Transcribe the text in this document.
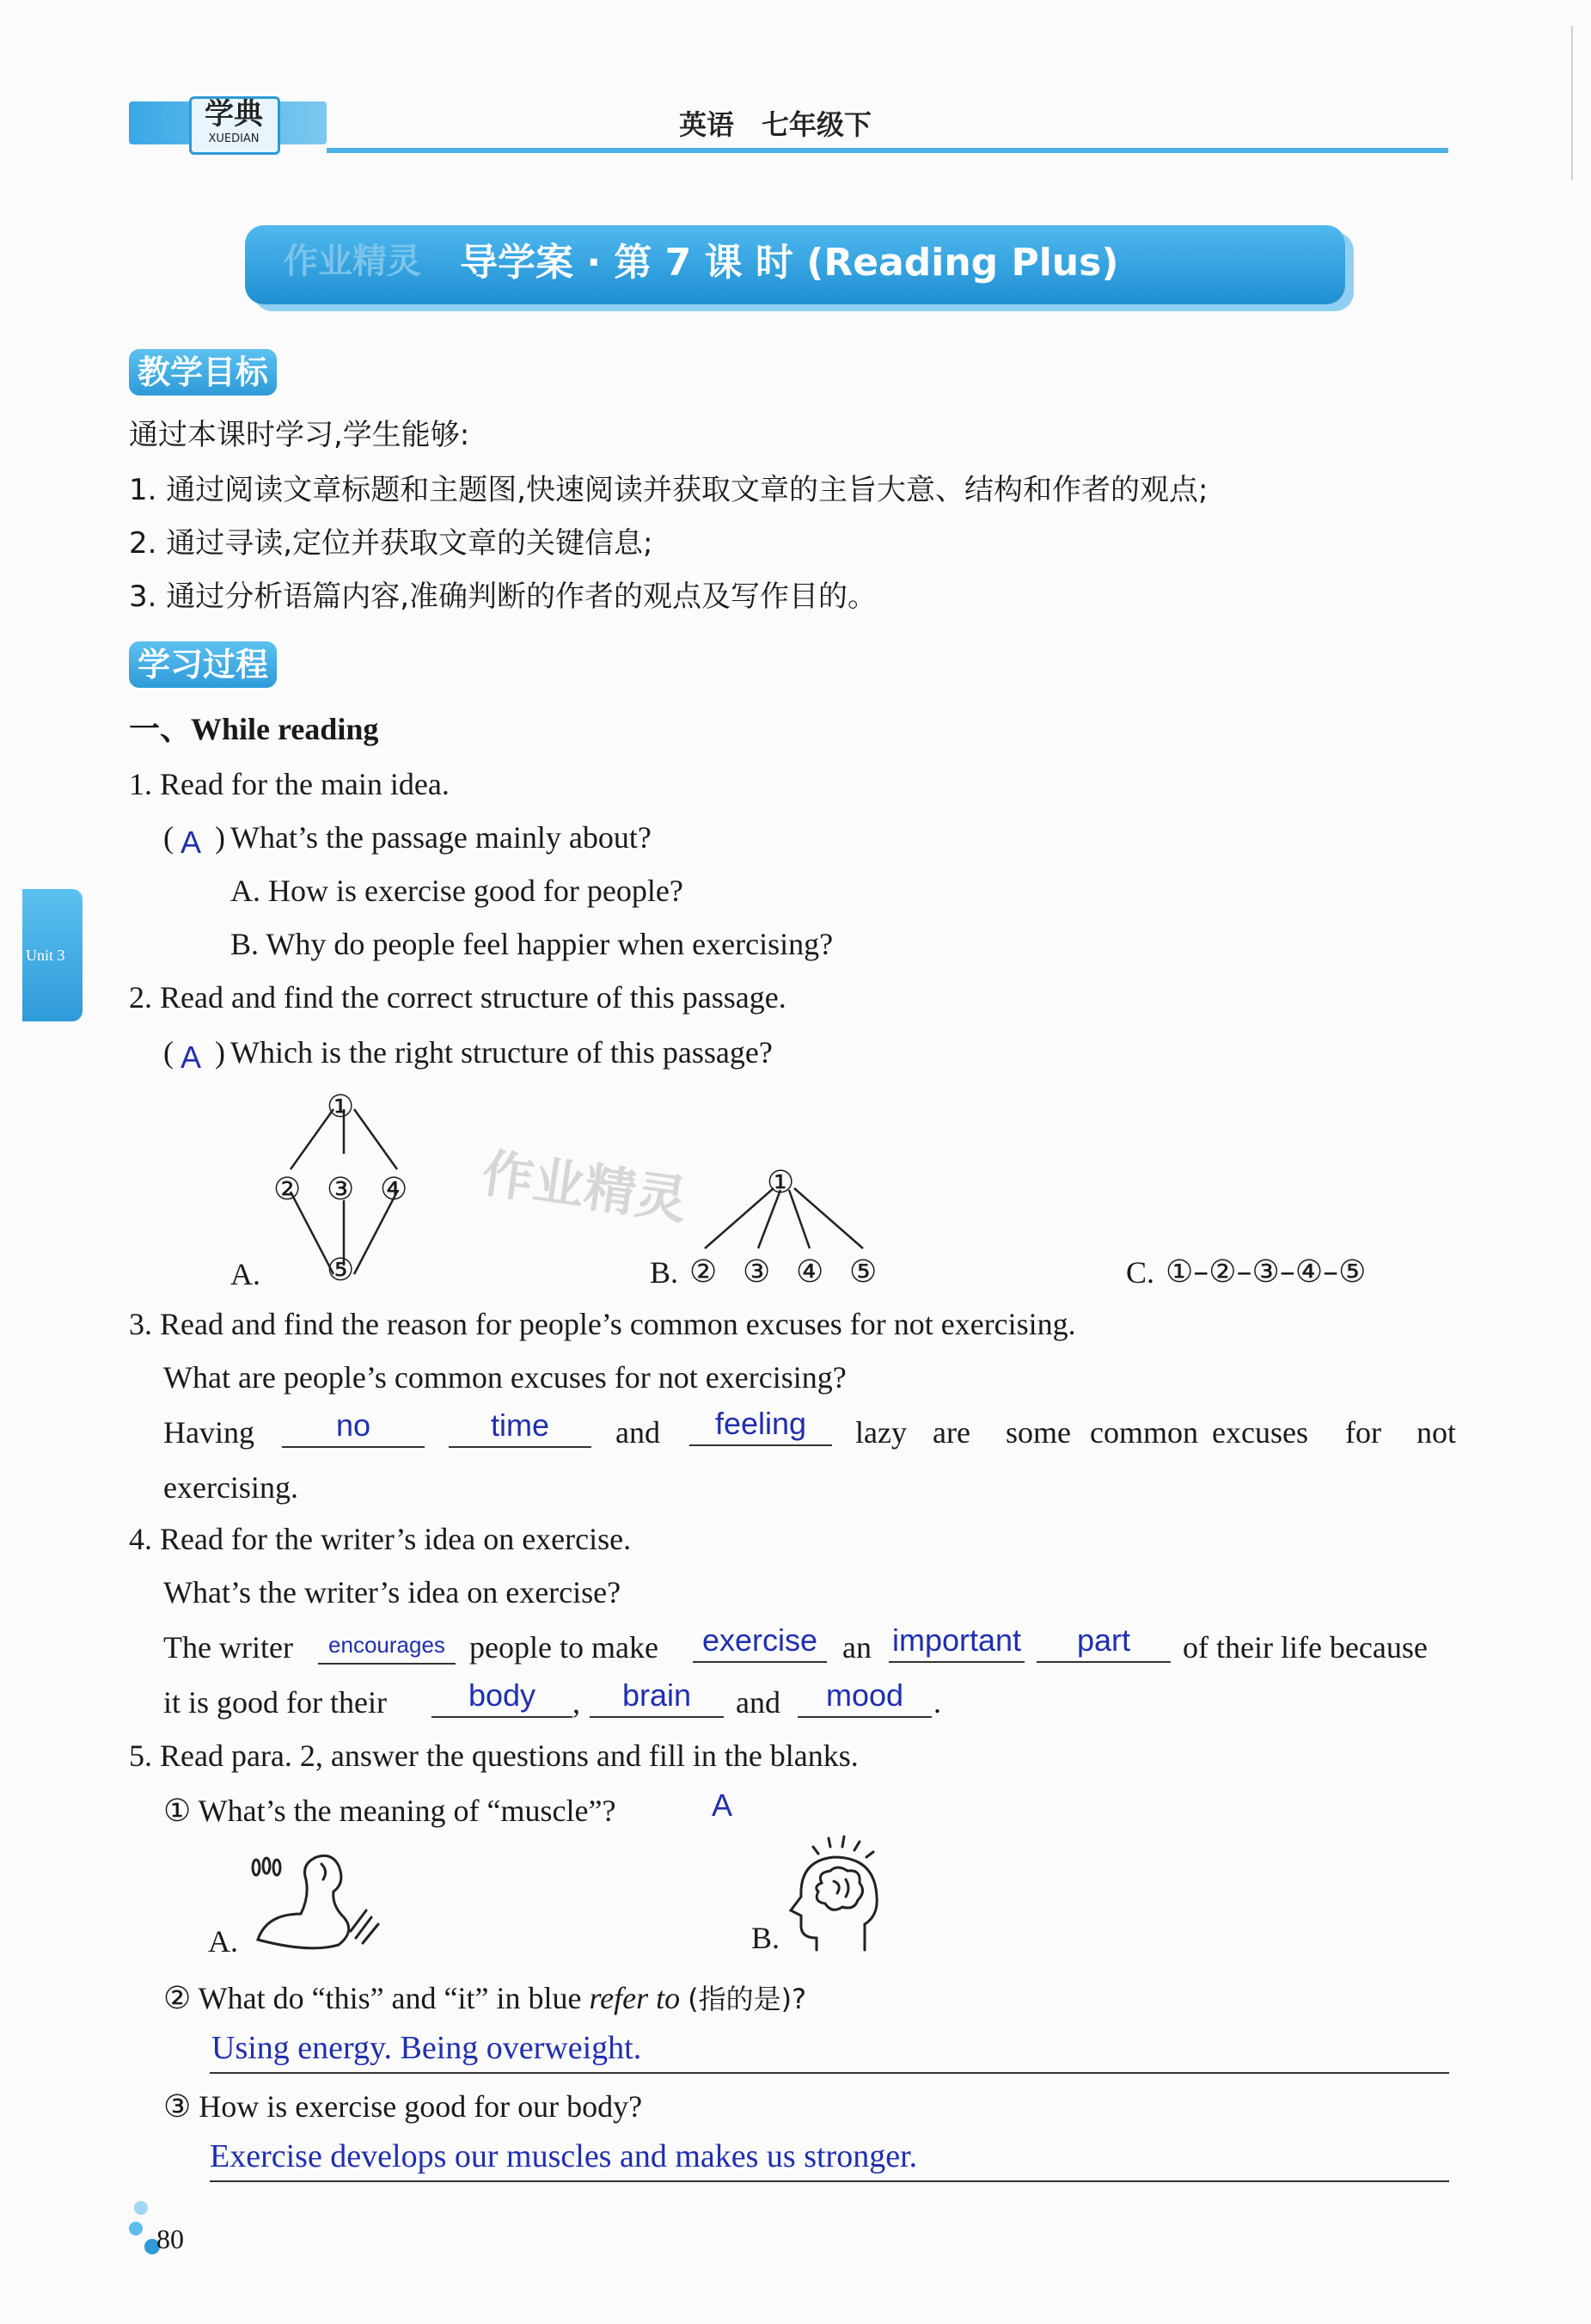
学典
XUEDIAN	英语　七年级下
作业精灵 导学案 · 第 7 课 时 (Reading Plus)
教学目标
通过本课时学习,学生能够:
1. 通过阅读文章标题和主题图,快速阅读并获取文章的主旨大意、结构和作者的观点;
2. 通过寻读,定位并获取文章的关键信息;
3. 通过分析语篇内容,准确判断的作者的观点及写作目的。
学习过程
一、While reading
Unit 3
1. Read for the main idea.
( A ) What’s the passage mainly about?
A. How is exercise good for people?
B. Why do people feel happier when exercising?
2. Read and find the correct structure of this passage.
( A ) Which is the right structure of this passage?
①
② ③ ④
⑤
A.
作业精灵 ①
B. ② ③ ④ ⑤	C. ①–②–③–④–⑤
3. Read and find the reason for people’s common excuses for not exercising.
What are people’s common excuses for not exercising?
Having	no	time	and	feeling	lazy are some common excuses for not
exercising.
4. Read for the writer’s idea on exercise.
What’s the writer’s idea on exercise?
The writer	encourages people to make	exercise an important	part	of their life because
it is good for their	body	,	brain	and	mood .
5. Read para. 2, answer the questions and fill in the blanks.
① What’s the meaning of “muscle”?	A
A.	B.
② What do “this” and “it” in blue refer to (指的是)?
Using energy. Being overweight.
③ How is exercise good for our body?
Exercise develops our muscles and makes us stronger.
80
